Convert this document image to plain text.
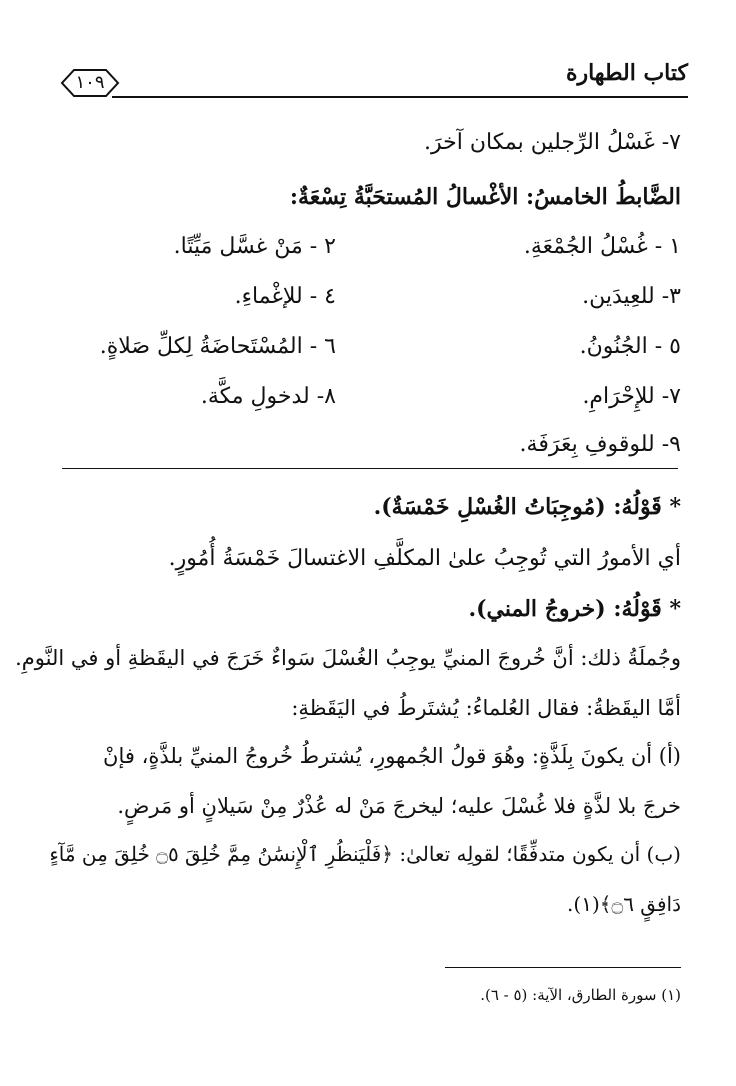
كتاب الطهارة
١٠٩
٧- غَسْلُ الرِّجلين بمكان آخرَ.
الضَّابطُ الخامسُ: الأغْسالُ المُستحَبَّةُ تِسْعَةٌ:
١ - غُسْلُ الجُمْعَةِ.
٢ - مَنْ غسَّل مَيِّتًا.
٣- للعِيدَين.
٤ - للإغْماءِ.
٥ - الجُنُونُ.
٦ - المُسْتَحاضَةُ لِكلِّ صَلاةٍ.
٧- للإِحْرَامِ.
٨- لدخولِ مكَّة.
٩- للوقوفِ بِعَرَفَة.
* قَوْلُهُ: (مُوجِبَاتُ الغُسْلِ خَمْسَةٌ).
أي الأمورُ التي تُوجِبُ علىٰ المكلَّفِ الاغتسالَ خَمْسَةُ أُمُورٍ.
* قَوْلُهُ: (خروجُ المني).
وجُملَةُ ذلك: أنَّ خُروجَ المنيِّ يوجِبُ الغُسْلَ سَواءٌ خَرَجَ في اليقَظةِ أو في النَّومِ.
أمَّا اليقَظةُ: فقال العُلماءُ: يُشتَرطُ في اليَقَظةِ:
(أ) أن يكونَ بِلَذَّةٍ: وهُوَ قولُ الجُمهورِ، يُشترطُ خُروجُ المنيِّ بلذَّةٍ، فإنْ
خرجَ بلا لذَّةٍ فلا غُسْلَ عليه؛ ليخرجَ مَنْ له عُذْرٌ مِنْ سَيلانٍ أو مَرضٍ.
(ب) أن يكون متدفِّقًا؛ لقولِه تعالىٰ: ﴿فَلْيَنظُرِ ٱلْإِنسَٰنُ مِمَّ خُلِقَ ۝٥ خُلِقَ مِن مَّآءٍ
دَافِقٍ ۝٦﴾(١).
(١) سورة الطارق، الآية: (٥ - ٦).
